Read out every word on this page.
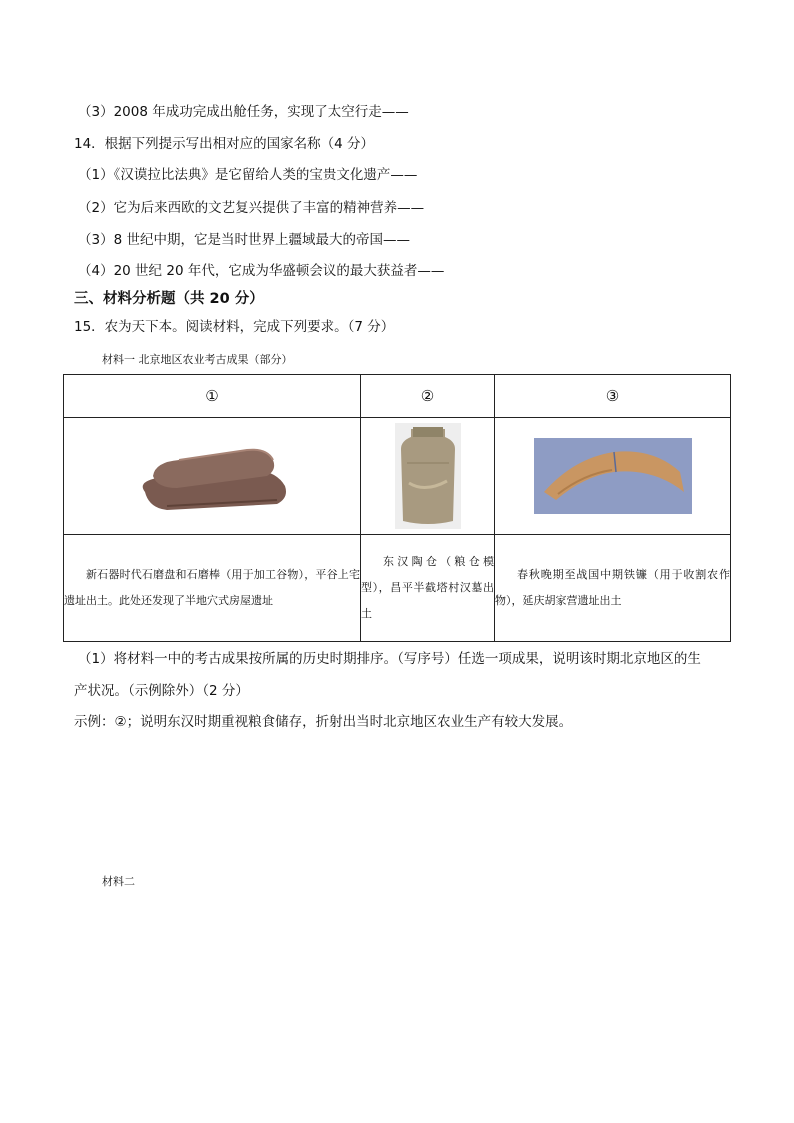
（3）2008 年成功完成出舱任务，实现了太空行走——
14．根据下列提示写出相对应的国家名称（4 分）
（1）《汉谟拉比法典》是它留给人类的宝贵文化遗产——
（2）它为后来西欧的文艺复兴提供了丰富的精神营养——
（3）8 世纪中期，它是当时世界上疆域最大的帝国——
（4）20 世纪 20 年代，它成为华盛顿会议的最大获益者——
三、材料分析题（共 20 分）
15．农为天下本。阅读材料，完成下列要求。（7 分）
材料一 北京地区农业考古成果（部分）
①	②	③

新石器时代石磨盘和石磨棒（用于加工谷物），平谷上宅遗址出土。此处还发现了半地穴式房屋遗址	东汉陶仓（粮仓模型），昌平半截塔村汉墓出土	春秋晚期至战国中期铁镰（用于收割农作物），延庆胡家营遗址出土
（1）将材料一中的考古成果按所属的历史时期排序。（写序号）任选一项成果，说明该时期北京地区的生
产状况。（示例除外）（2 分）
示例：②；说明东汉时期重视粮食储存，折射出当时北京地区农业生产有较大发展。
材料二
